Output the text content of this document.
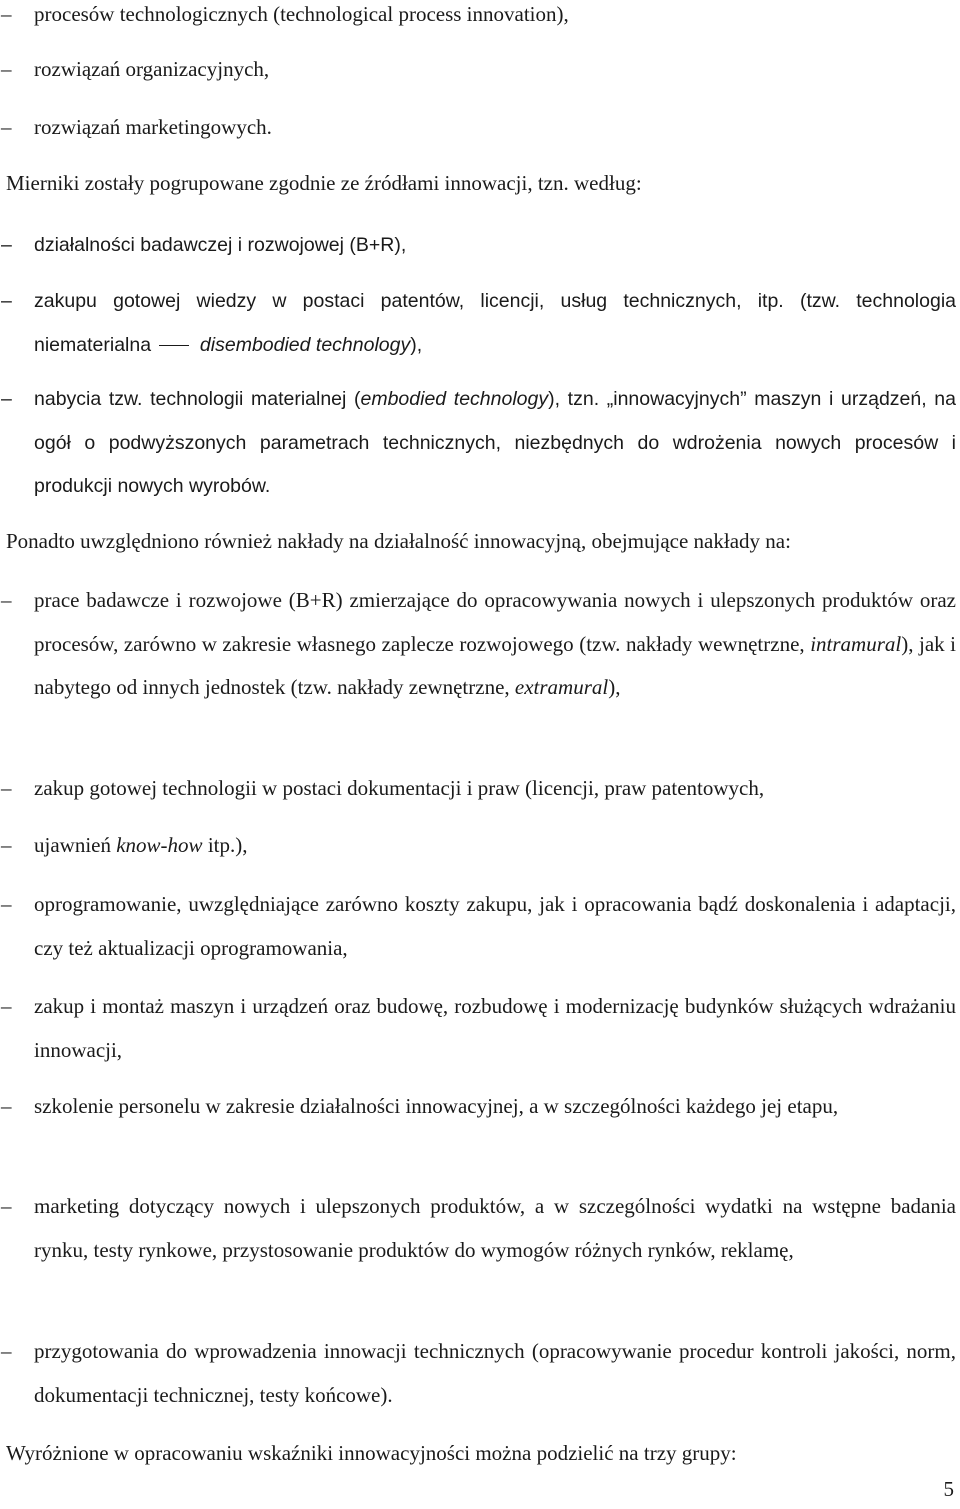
– procesów technologicznych (technological process innovation),
– rozwiązań organizacyjnych,
– rozwiązań marketingowych.
Mierniki zostały pogrupowane zgodnie ze źródłami innowacji, tzn. według:
– działalności badawczej i rozwojowej (B+R),
– zakupu gotowej wiedzy w postaci patentów, licencji, usług technicznych, itp. (tzw. technologia niematerialna	disembodied technology),
– nabycia tzw. technologii materialnej (embodied technology), tzn. „innowacyjnych” maszyn i urządzeń, na ogół o podwyższonych parametrach technicznych, niezbędnych do wdrożenia nowych procesów i produkcji nowych wyrobów.
Ponadto uwzględniono również nakłady na działalność innowacyjną, obejmujące nakłady na:
– prace badawcze i rozwojowe (B+R) zmierzające do opracowywania nowych i ulepszonych produktów oraz procesów, zarówno w zakresie własnego zaplecze rozwojowego (tzw. nakłady wewnętrzne, intramural), jak i nabytego od innych jednostek (tzw. nakłady zewnętrzne, extramural),
– zakup gotowej technologii w postaci dokumentacji i praw (licencji, praw patentowych,
– ujawnień know-how itp.),
– oprogramowanie, uwzględniające zarówno koszty zakupu, jak i opracowania bądź doskonalenia i adaptacji, czy też aktualizacji oprogramowania,
– zakup i montaż maszyn i urządzeń oraz budowę, rozbudowę i modernizację budynków służących wdrażaniu innowacji,
– szkolenie personelu w zakresie działalności innowacyjnej, a w szczególności każdego jej etapu,
– marketing dotyczący nowych i ulepszonych produktów, a w szczególności wydatki na wstępne badania rynku, testy rynkowe, przystosowanie produktów do wymogów różnych rynków, reklamę,
– przygotowania do wprowadzenia innowacji technicznych (opracowywanie procedur kontroli jakości, norm, dokumentacji technicznej, testy końcowe).
Wyróżnione w opracowaniu wskaźniki innowacyjności można podzielić na trzy grupy:
5
